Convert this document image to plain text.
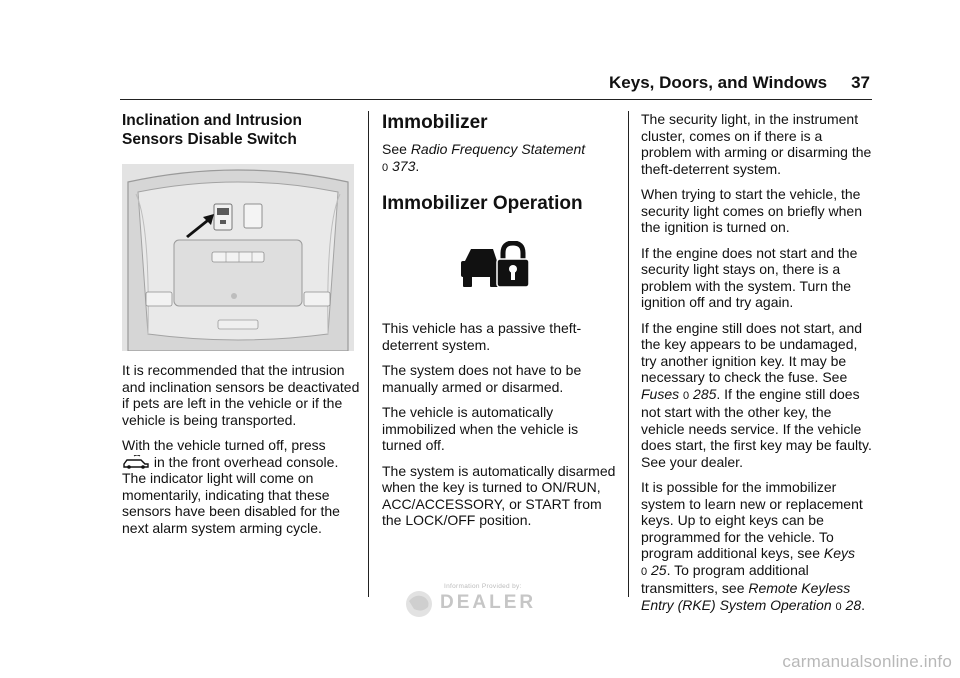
Keys, Doors, and Windows 37
Inclination and Intrusion Sensors Disable Switch

It is recommended that the intrusion and inclination sensors be deactivated if pets are left in the vehicle or if the vehicle is being transported.

With the vehicle turned off, press
in the front overhead console. The indicator light will come on momentarily, indicating that these sensors have been disabled for the next alarm system arming cycle.

Immobilizer

See Radio Frequency Statement
0 373.

Immobilizer Operation

This vehicle has a passive theft-deterrent system.

The system does not have to be manually armed or disarmed.

The vehicle is automatically immobilized when the vehicle is turned off.

The system is automatically disarmed when the key is turned to ON/RUN, ACC/ACCESSORY, or START from the LOCK/OFF position.

The security light, in the instrument cluster, comes on if there is a problem with arming or disarming the theft-deterrent system.

When trying to start the vehicle, the security light comes on briefly when the ignition is turned on.

If the engine does not start and the security light stays on, there is a problem with the system. Turn the ignition off and try again.

If the engine still does not start, and the key appears to be undamaged, try another ignition key. It may be necessary to check the fuse. See Fuses 0 285. If the engine still does not start with the other key, the vehicle needs service. If the vehicle does start, the first key may be faulty. See your dealer.

It is possible for the immobilizer system to learn new or replacement keys. Up to eight keys can be programmed for the vehicle. To program additional keys, see Keys
0 25. To program additional transmitters, see Remote Keyless Entry (RKE) System Operation 0 28.

Information Provided by:
DEALER
carmanualsonline.info
